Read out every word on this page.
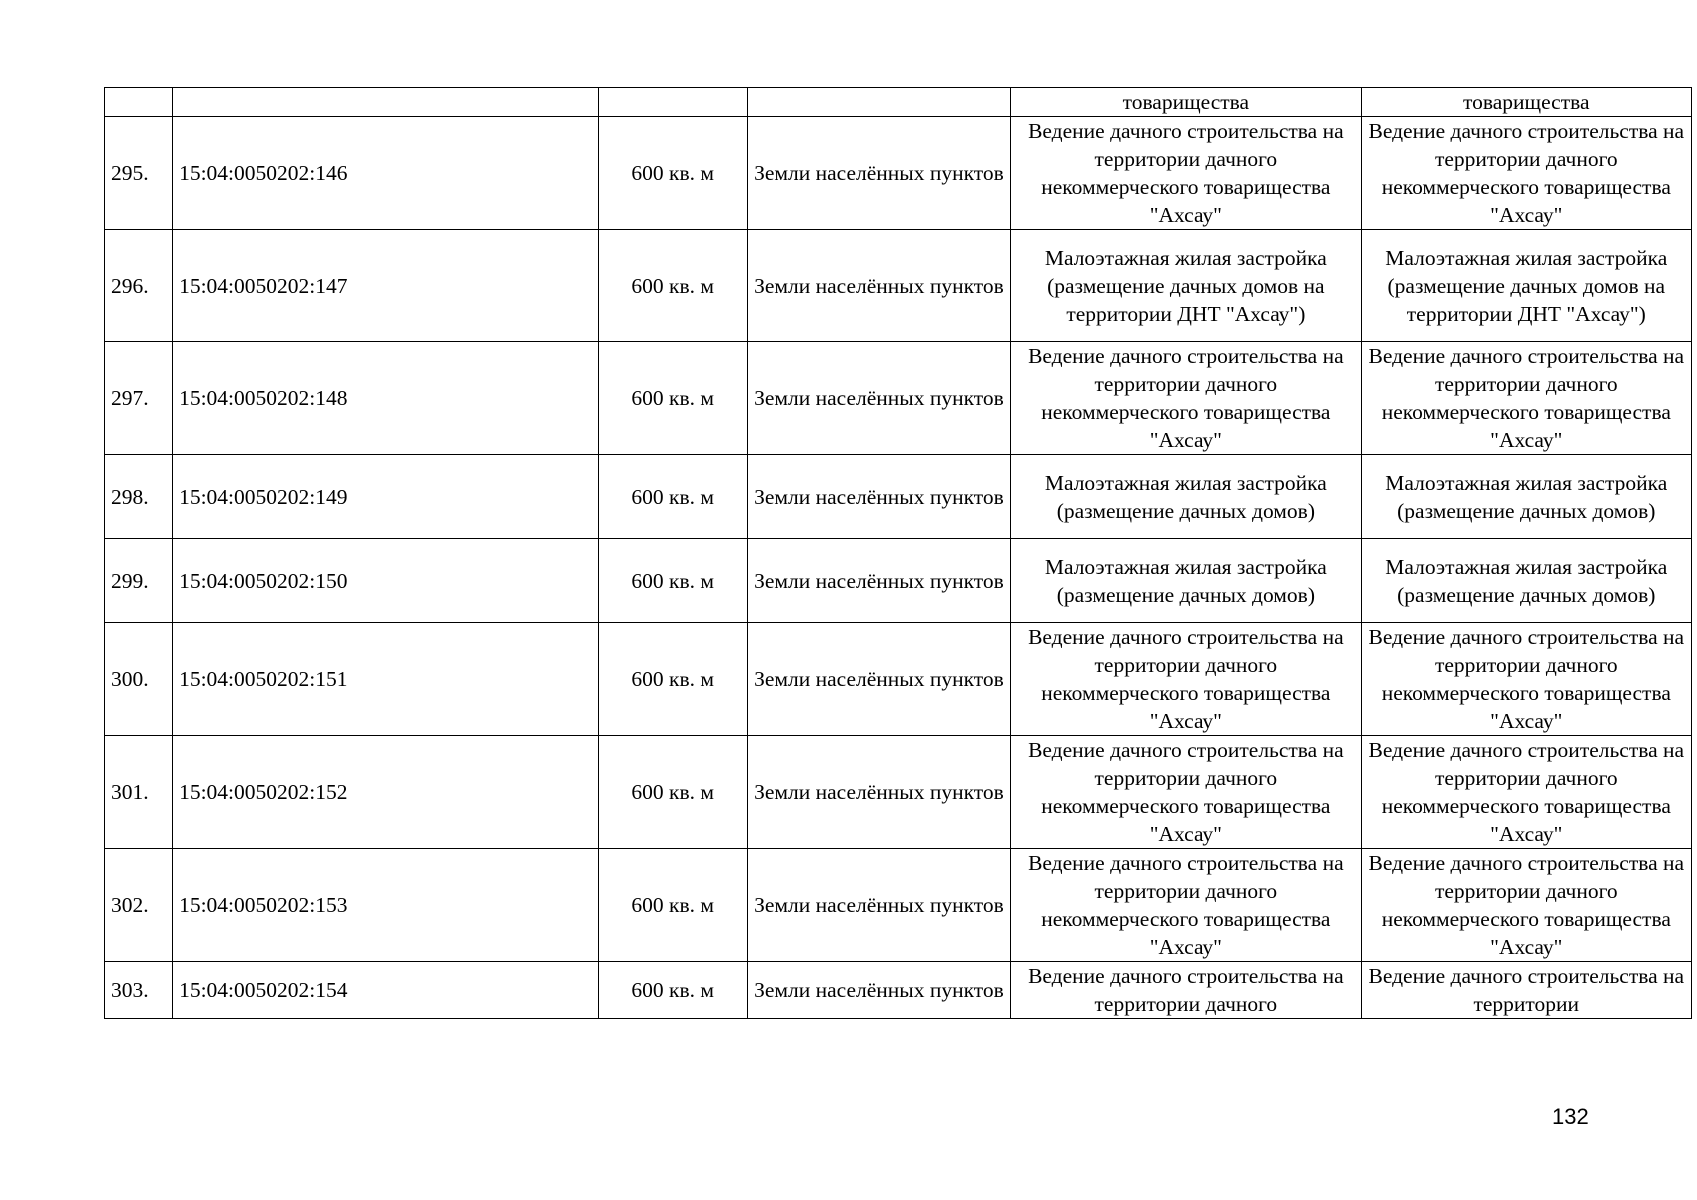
				товарищества	товарищества
295.	15:04:0050202:146	600 кв. м	Земли населённых пунктов	Ведение дачного строительства на территории дачного некоммерческого товарищества "Ахсау"	Ведение дачного строительства на территории дачного некоммерческого товарищества "Ахсау"
296.	15:04:0050202:147	600 кв. м	Земли населённых пунктов	Малоэтажная жилая застройка (размещение дачных домов на территории ДНТ "Ахсау")	Малоэтажная жилая застройка (размещение дачных домов на территории ДНТ "Ахсау")
297.	15:04:0050202:148	600 кв. м	Земли населённых пунктов	Ведение дачного строительства на территории дачного некоммерческого товарищества "Ахсау"	Ведение дачного строительства на территории дачного некоммерческого товарищества "Ахсау"
298.	15:04:0050202:149	600 кв. м	Земли населённых пунктов	Малоэтажная жилая застройка (размещение дачных домов)	Малоэтажная жилая застройка (размещение дачных домов)
299.	15:04:0050202:150	600 кв. м	Земли населённых пунктов	Малоэтажная жилая застройка (размещение дачных домов)	Малоэтажная жилая застройка (размещение дачных домов)
300.	15:04:0050202:151	600 кв. м	Земли населённых пунктов	Ведение дачного строительства на территории дачного некоммерческого товарищества "Ахсау"	Ведение дачного строительства на территории дачного некоммерческого товарищества "Ахсау"
301.	15:04:0050202:152	600 кв. м	Земли населённых пунктов	Ведение дачного строительства на территории дачного некоммерческого товарищества "Ахсау"	Ведение дачного строительства на территории дачного некоммерческого товарищества "Ахсау"
302.	15:04:0050202:153	600 кв. м	Земли населённых пунктов	Ведение дачного строительства на территории дачного некоммерческого товарищества "Ахсау"	Ведение дачного строительства на территории дачного некоммерческого товарищества "Ахсау"
303.	15:04:0050202:154	600 кв. м	Земли населённых пунктов	Ведение дачного строительства на территории дачного	Ведение дачного строительства на территории
132
